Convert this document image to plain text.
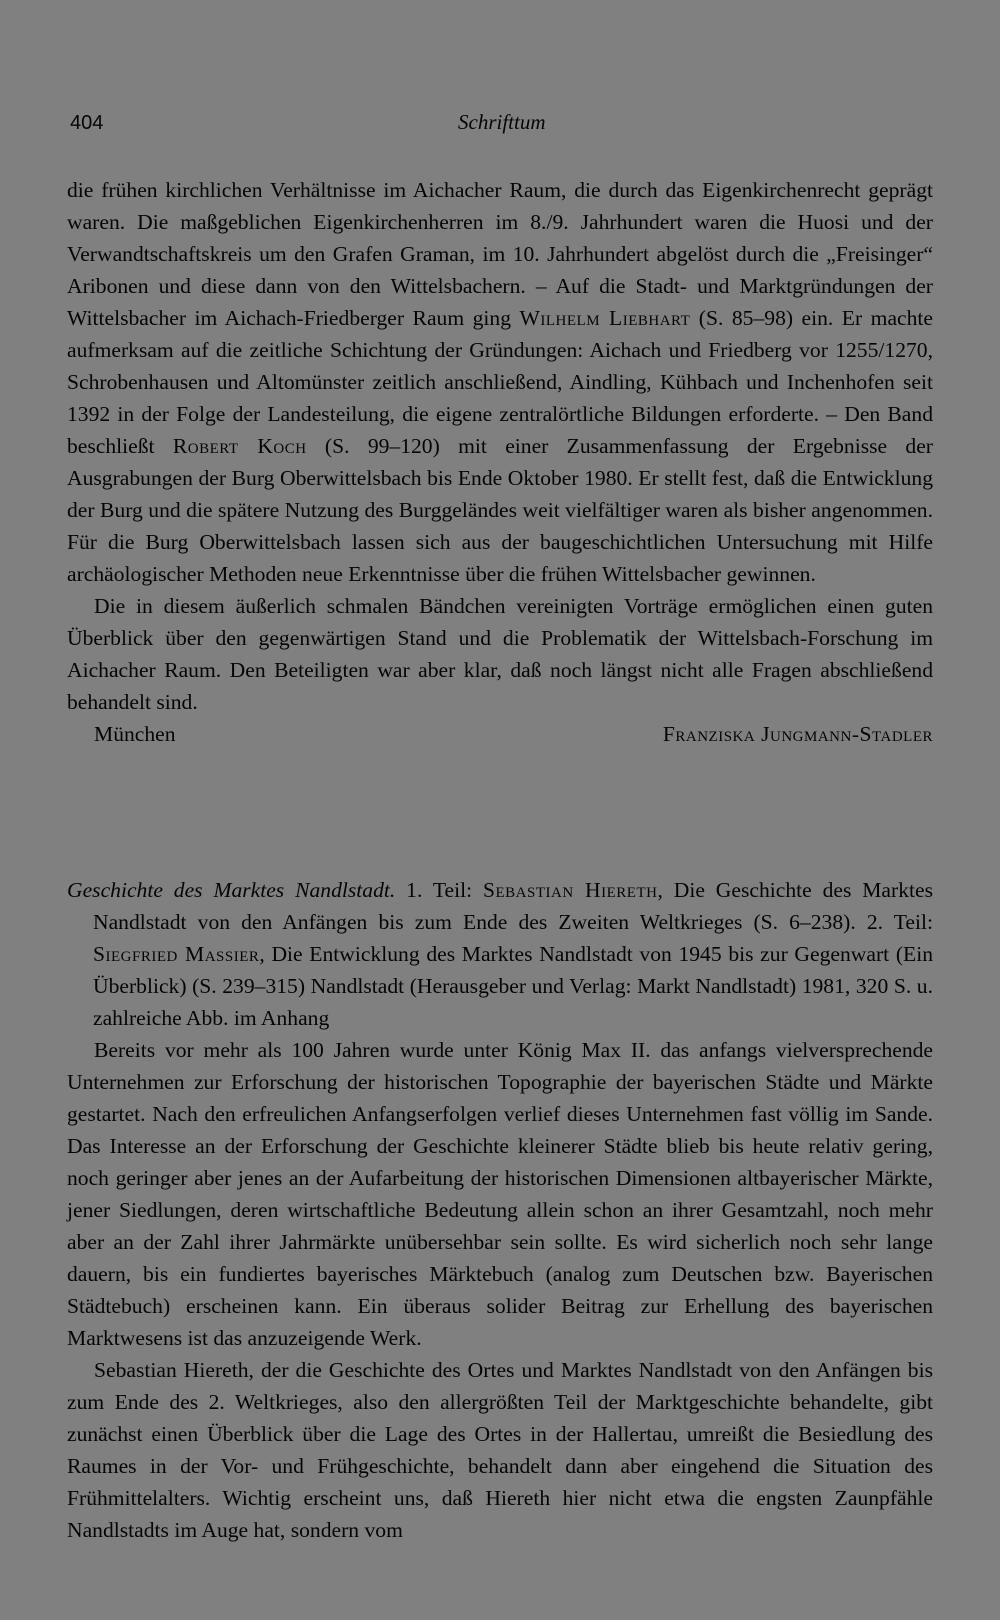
404	Schrifttum

die frühen kirchlichen Verhältnisse im Aichacher Raum, die durch das Eigenkirchenrecht geprägt waren. Die maßgeblichen Eigenkirchenherren im 8./9. Jahrhundert waren die Huosi und der Verwandtschaftskreis um den Grafen Graman, im 10. Jahrhundert abgelöst durch die „Freisinger“ Aribonen und diese dann von den Wittelsbachern. – Auf die Stadt- und Marktgründungen der Wittelsbacher im Aichach-Friedberger Raum ging Wilhelm Liebhart (S. 85–98) ein. Er machte aufmerksam auf die zeitliche Schichtung der Gründungen: Aichach und Friedberg vor 1255/1270, Schrobenhausen und Altomünster zeitlich anschließend, Aindling, Kühbach und Inchenhofen seit 1392 in der Folge der Landesteilung, die eigene zentralörtliche Bildungen erforderte. – Den Band beschließt Robert Koch (S. 99–120) mit einer Zusammenfassung der Ergebnisse der Ausgrabungen der Burg Oberwittelsbach bis Ende Oktober 1980. Er stellt fest, daß die Entwicklung der Burg und die spätere Nutzung des Burggeländes weit vielfältiger waren als bisher angenommen. Für die Burg Oberwittelsbach lassen sich aus der baugeschichtlichen Untersuchung mit Hilfe archäologischer Methoden neue Erkenntnisse über die frühen Wittelsbacher gewinnen.

Die in diesem äußerlich schmalen Bändchen vereinigten Vorträge ermöglichen einen guten Überblick über den gegenwärtigen Stand und die Problematik der Wittelsbach-Forschung im Aichacher Raum. Den Beteiligten war aber klar, daß noch längst nicht alle Fragen abschließend behandelt sind.

München	Franziska Jungmann-Stadler

Geschichte des Marktes Nandlstadt. 1. Teil: Sebastian Hiereth, Die Geschichte des Marktes Nandlstadt von den Anfängen bis zum Ende des Zweiten Weltkrieges (S. 6–238). 2. Teil: Siegfried Massier, Die Entwicklung des Marktes Nandlstadt von 1945 bis zur Gegenwart (Ein Überblick) (S. 239–315) Nandlstadt (Herausgeber und Verlag: Markt Nandlstadt) 1981, 320 S. u. zahlreiche Abb. im Anhang

Bereits vor mehr als 100 Jahren wurde unter König Max II. das anfangs vielversprechende Unternehmen zur Erforschung der historischen Topographie der bayerischen Städte und Märkte gestartet. Nach den erfreulichen Anfangserfolgen verlief dieses Unternehmen fast völlig im Sande. Das Interesse an der Erforschung der Geschichte kleinerer Städte blieb bis heute relativ gering, noch geringer aber jenes an der Aufarbeitung der historischen Dimensionen altbayerischer Märkte, jener Siedlungen, deren wirtschaftliche Bedeutung allein schon an ihrer Gesamtzahl, noch mehr aber an der Zahl ihrer Jahrmärkte unübersehbar sein sollte. Es wird sicherlich noch sehr lange dauern, bis ein fundiertes bayerisches Märktebuch (analog zum Deutschen bzw. Bayerischen Städtebuch) erscheinen kann. Ein überaus solider Beitrag zur Erhellung des bayerischen Marktwesens ist das anzuzeigende Werk.

Sebastian Hiereth, der die Geschichte des Ortes und Marktes Nandlstadt von den Anfängen bis zum Ende des 2. Weltkrieges, also den allergrößten Teil der Marktgeschichte behandelte, gibt zunächst einen Überblick über die Lage des Ortes in der Hallertau, umreißt die Besiedlung des Raumes in der Vor- und Frühgeschichte, behandelt dann aber eingehend die Situation des Frühmittelalters. Wichtig erscheint uns, daß Hiereth hier nicht etwa die engsten Zaunpfähle Nandlstadts im Auge hat, sondern vom
